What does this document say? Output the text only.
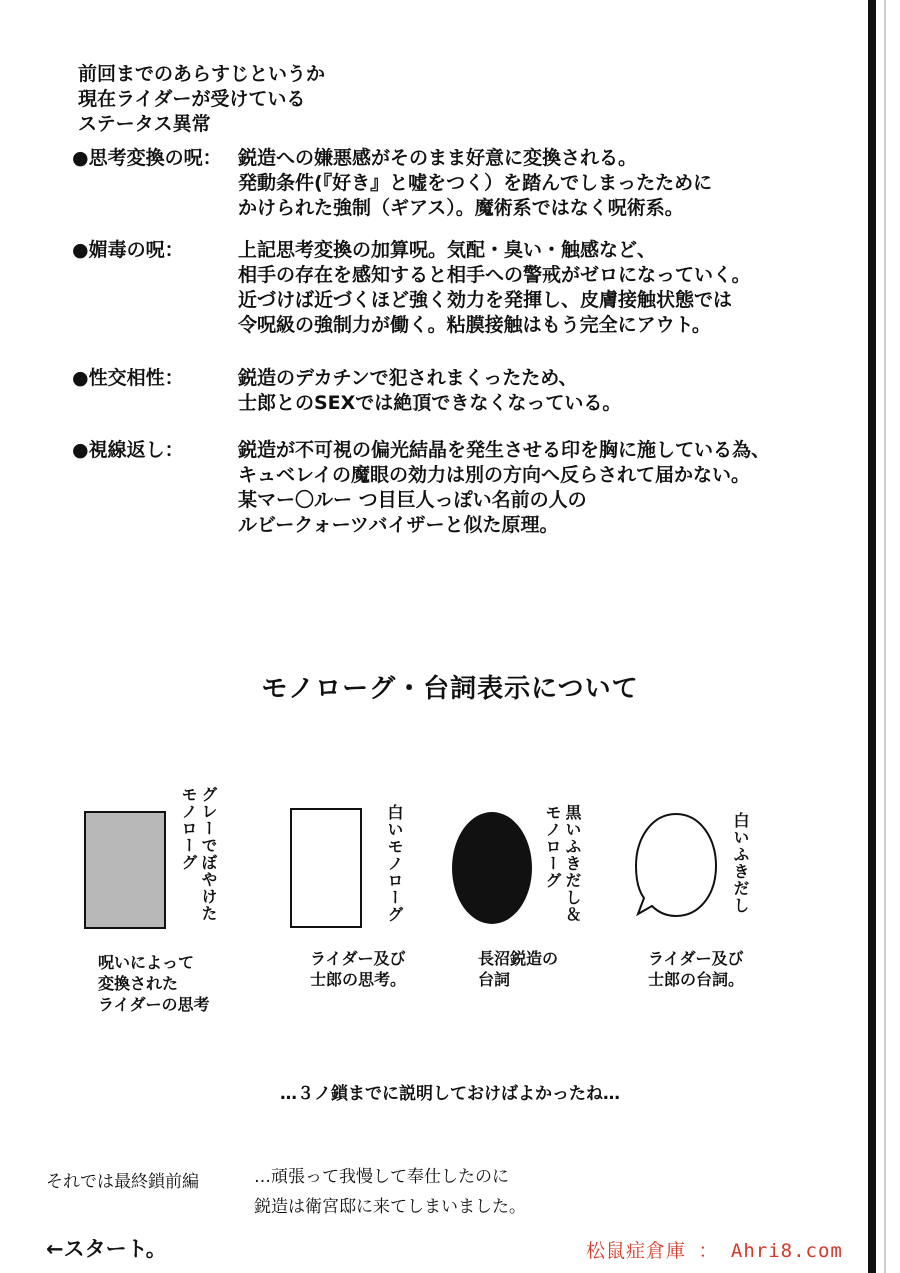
前回までのあらすじというか
現在ライダーが受けている
ステータス異常
●思考変換の呪： 鋭造への嫌悪感がそのまま好意に変換される。
発動条件(『好き』と嘘をつく）を踏んでしまったために
かけられた強制（ギアス）。魔術系ではなく呪術系。
●媚毒の呪：	上記思考変換の加算呪。気配・臭い・触感など、
相手の存在を感知すると相手への警戒がゼロになっていく。
近づけば近づくほど強く効力を発揮し、皮膚接触状態では
令呪級の強制力が働く。粘膜接触はもう完全にアウト。
●性交相性：	鋭造のデカチンで犯されまくったため、
士郎とのSEXでは絶頂できなくなっている。
●視線返し：	鋭造が不可視の偏光結晶を発生させる印を胸に施している為、
キュベレイの魔眼の効力は別の方向へ反らされて届かない。
某マー〇ルー つ目巨人っぽい名前の人の
ルビークォーツバイザーと似た原理。
モノローグ・台詞表示について
グレーでぼやけたモノローグ
呪いによって
変換された
ライダーの思考
白いモノローグ
ライダー及び
士郎の思考。
黒いふきだし＆モノローグ
長沼鋭造の
台詞
白いふきだし
ライダー及び
士郎の台詞。
…３ノ鎖までに説明しておけばよかったね…
それでは最終鎖前編	…頑張って我慢して奉仕したのに
鋭造は衛宮邸に来てしまいました。
←スタート。	松鼠症倉庫 ： Ahri8.com
